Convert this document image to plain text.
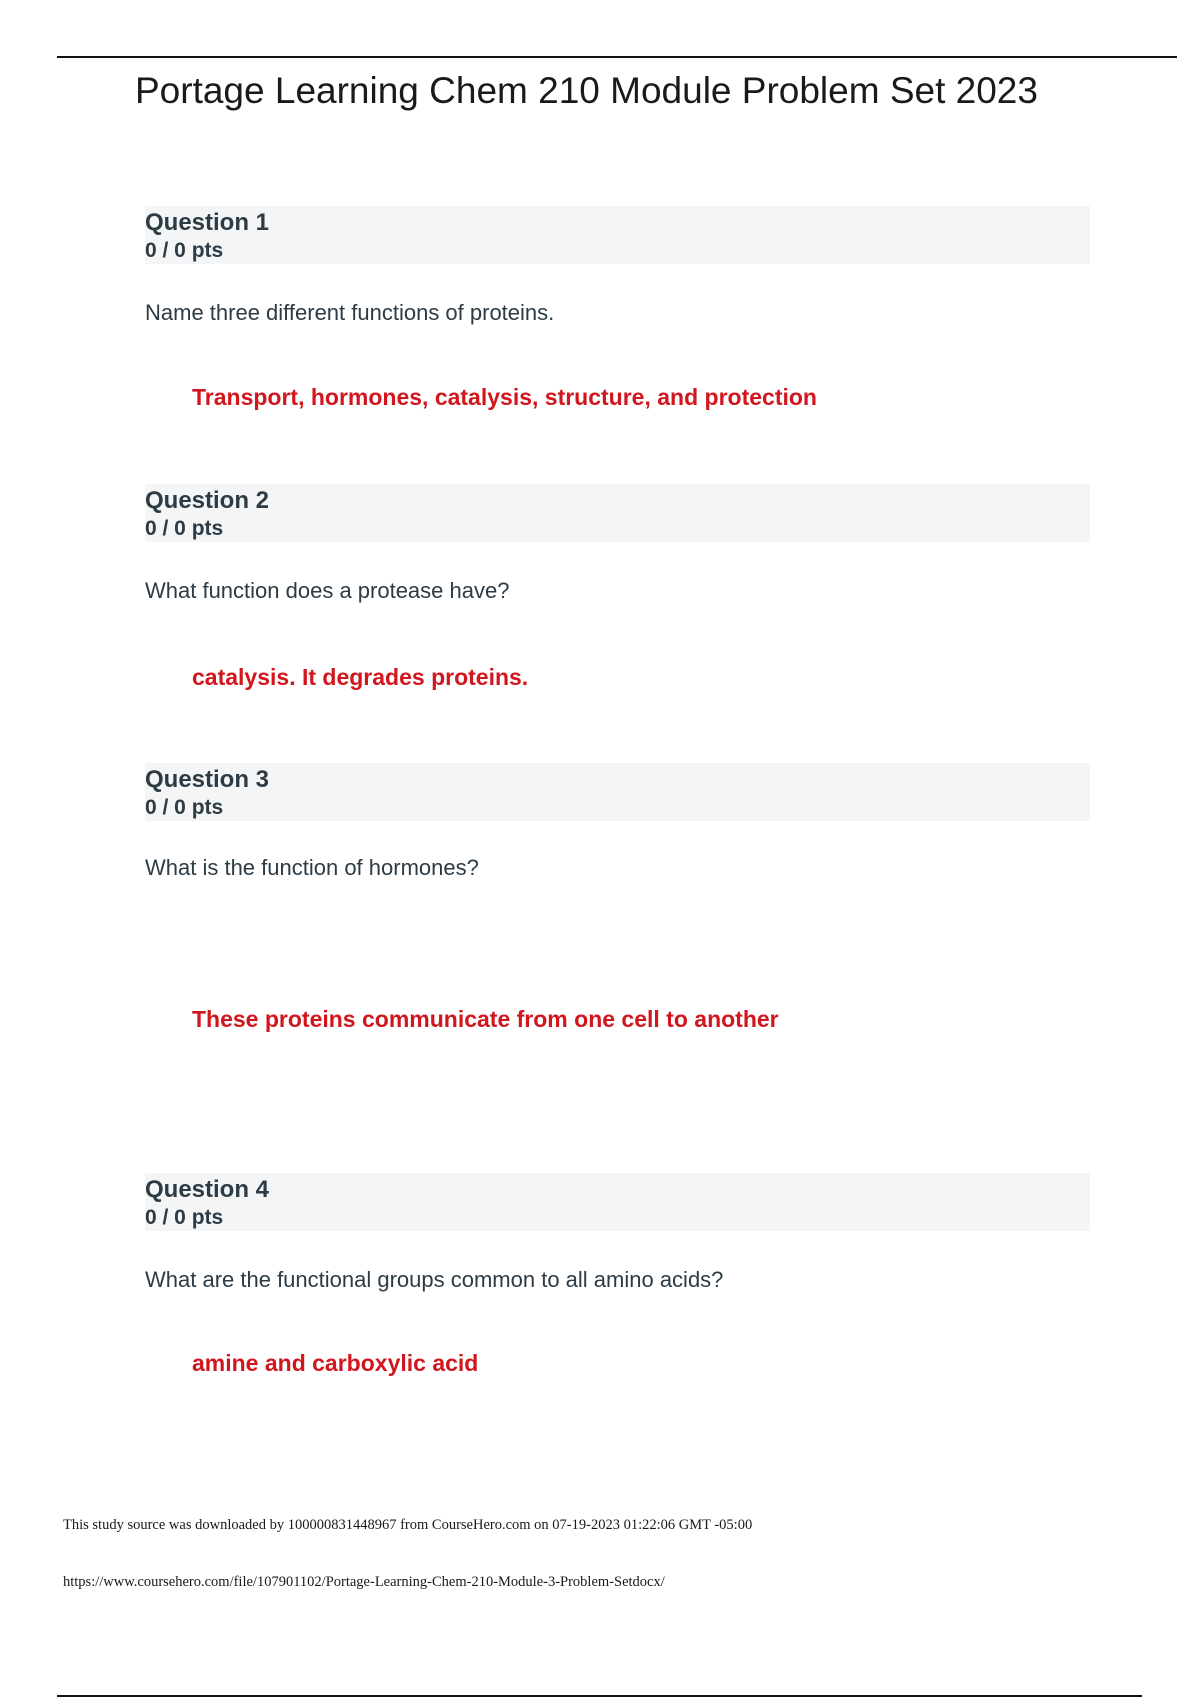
Portage Learning Chem 210 Module Problem Set 2023
Question 1
0 / 0 pts
Name three different functions of proteins.
Transport, hormones, catalysis, structure, and protection
Question 2
0 / 0 pts
What function does a protease have?
catalysis. It degrades proteins.
Question 3
0 / 0 pts
What is the function of hormones?
These proteins communicate from one cell to another
Question 4
0 / 0 pts
What are the functional groups common to all amino acids?
amine and carboxylic acid
This study source was downloaded by 100000831448967 from CourseHero.com on 07-19-2023 01:22:06 GMT -05:00
https://www.coursehero.com/file/107901102/Portage-Learning-Chem-210-Module-3-Problem-Setdocx/
